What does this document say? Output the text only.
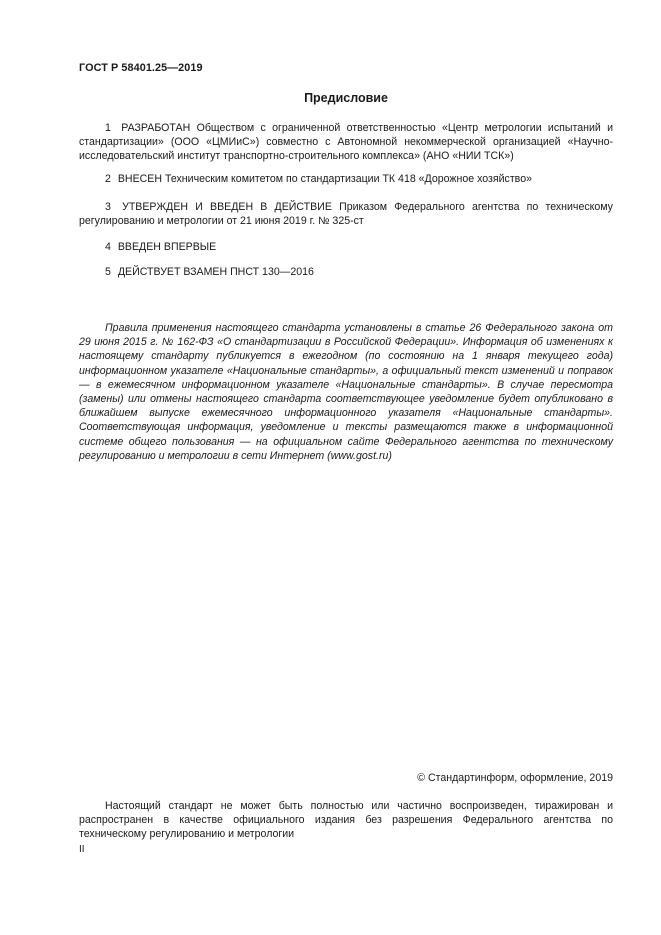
ГОСТ Р 58401.25—2019
Предисловие
1 РАЗРАБОТАН Обществом с ограниченной ответственностью «Центр метрологии испытаний и стандартизации» (ООО «ЦМИиС») совместно с Автономной некоммерческой организацией «Научно-исследовательский институт транспортно-строительного комплекса» (АНО «НИИ ТСК»)
2 ВНЕСЕН Техническим комитетом по стандартизации ТК 418 «Дорожное хозяйство»
3 УТВЕРЖДЕН И ВВЕДЕН В ДЕЙСТВИЕ Приказом Федерального агентства по техническому регулированию и метрологии от 21 июня 2019 г. № 325-ст
4 ВВЕДЕН ВПЕРВЫЕ
5 ДЕЙСТВУЕТ ВЗАМЕН ПНСТ 130—2016
Правила применения настоящего стандарта установлены в статье 26 Федерального закона от 29 июня 2015 г. № 162-ФЗ «О стандартизации в Российской Федерации». Информация об изменениях к настоящему стандарту публикуется в ежегодном (по состоянию на 1 января текущего года) информационном указателе «Национальные стандарты», а официальный текст изменений и поправок — в ежемесячном информационном указателе «Национальные стандарты». В случае пересмотра (замены) или отмены настоящего стандарта соответствующее уведомление будет опубликовано в ближайшем выпуске ежемесячного информационного указателя «Национальные стандарты». Соответствующая информация, уведомление и тексты размещаются также в информационной системе общего пользования — на официальном сайте Федерального агентства по техническому регулированию и метрологии в сети Интернет (www.gost.ru)
© Стандартинформ, оформление, 2019
Настоящий стандарт не может быть полностью или частично воспроизведен, тиражирован и распространен в качестве официального издания без разрешения Федерального агентства по техническому регулированию и метрологии
II
